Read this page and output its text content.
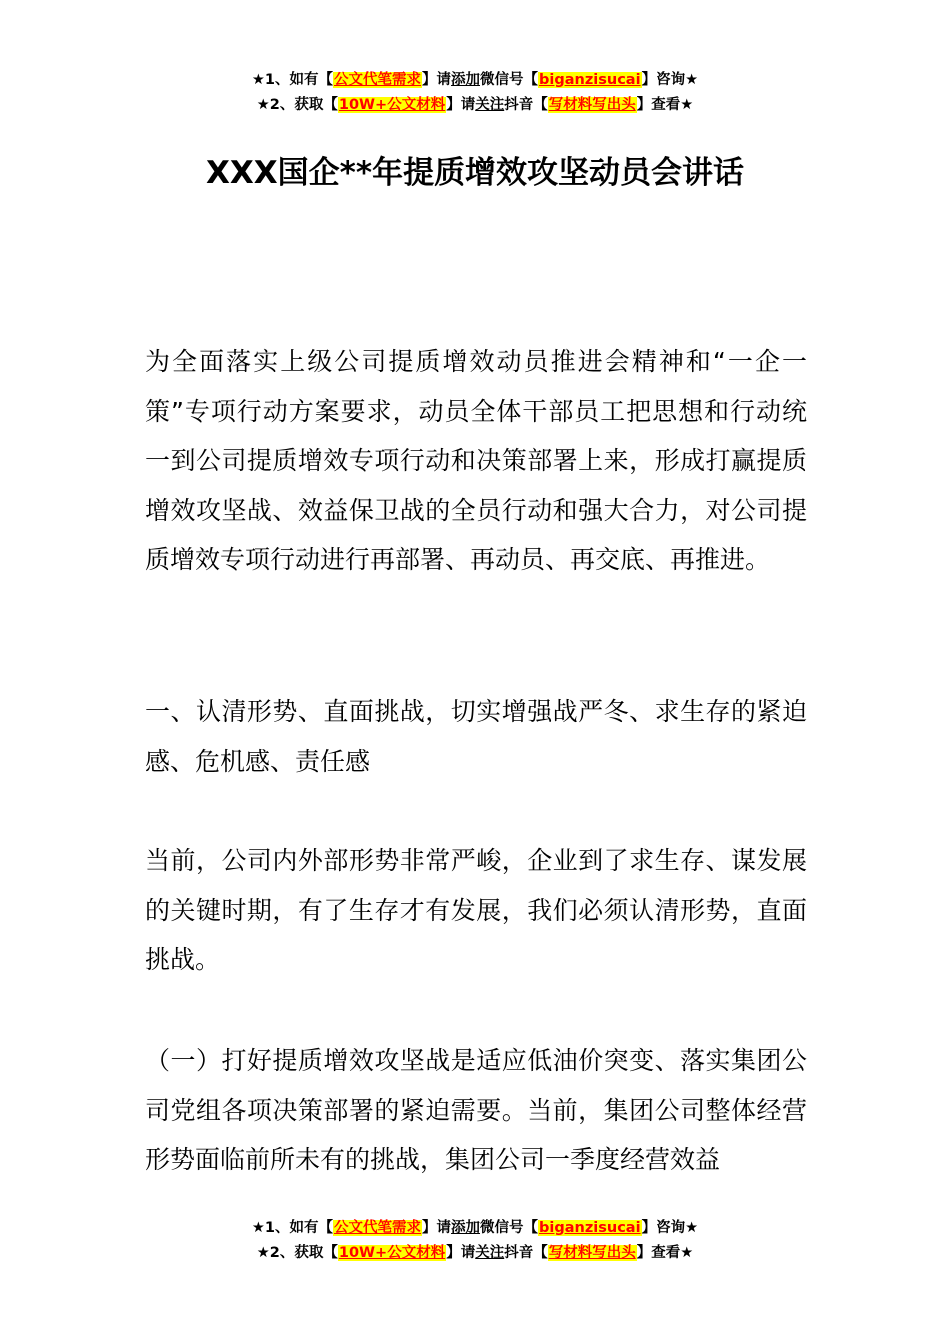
★1、如有【公文代笔需求】请添加微信号【biganzisucai】咨询★
★2、获取【10W+公文材料】请关注抖音【写材料写出头】查看★
XXX国企**年提质增效攻坚动员会讲话

为全面落实上级公司提质增效动员推进会精神和“一企一策”专项行动方案要求，动员全体干部员工把思想和行动统一到公司提质增效专项行动和决策部署上来，形成打赢提质增效攻坚战、效益保卫战的全员行动和强大合力，对公司提质增效专项行动进行再部署、再动员、再交底、再推进。

一、认清形势、直面挑战，切实增强战严冬、求生存的紧迫感、危机感、责任感

当前，公司内外部形势非常严峻，企业到了求生存、谋发展的关键时期，有了生存才有发展，我们必须认清形势，直面挑战。

（一）打好提质增效攻坚战是适应低油价突变、落实集团公司党组各项决策部署的紧迫需要。当前，集团公司整体经营形势面临前所未有的挑战，集团公司一季度经营效益

★1、如有【公文代笔需求】请添加微信号【biganzisucai】咨询★
★2、获取【10W+公文材料】请关注抖音【写材料写出头】查看★
